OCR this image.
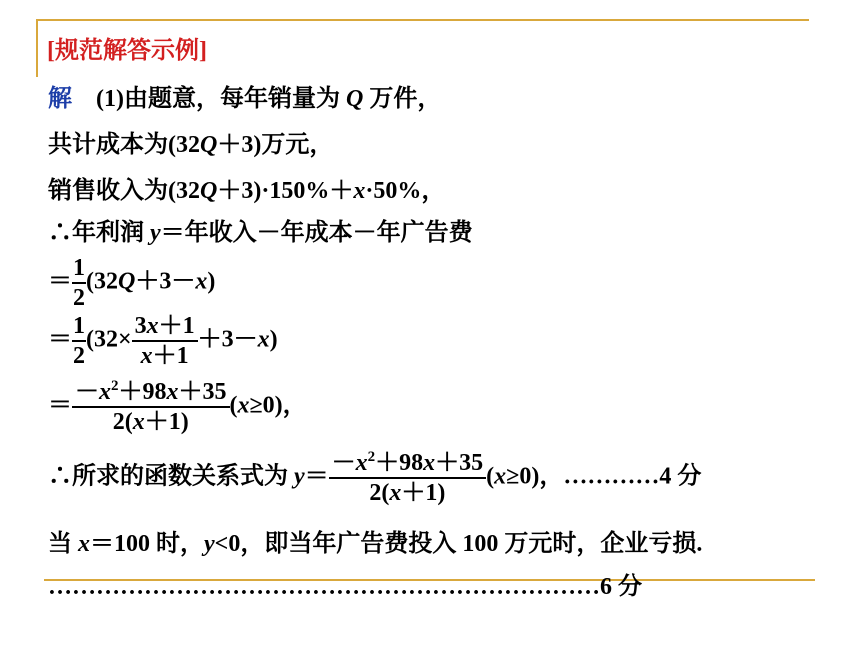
[规范解答示例]
解 (1)由题意，每年销量为 Q 万件，
共计成本为(32Q＋3)万元，
销售收入为(32Q＋3)·150%＋x·50%，
∴年利润 y＝年收入－年成本－年广告费
＝ $\frac{1}{2} (32Q+3-x)$
＝ $\frac{1}{2} (32\times \frac{3x+1}{x+1} +3-x)$
＝ $\frac{-x^2+98x+35}{2(x+1)} (x\ge 0)$，
∴所求的函数关系式为 $y= \frac{-x^2+98x+35}{2(x+1)} (x\ge 0)$，…………4 分
当 x＝100 时，y<0，即当年广告费投入 100 万元时，企业亏损.
……………………………………………………………6 分
